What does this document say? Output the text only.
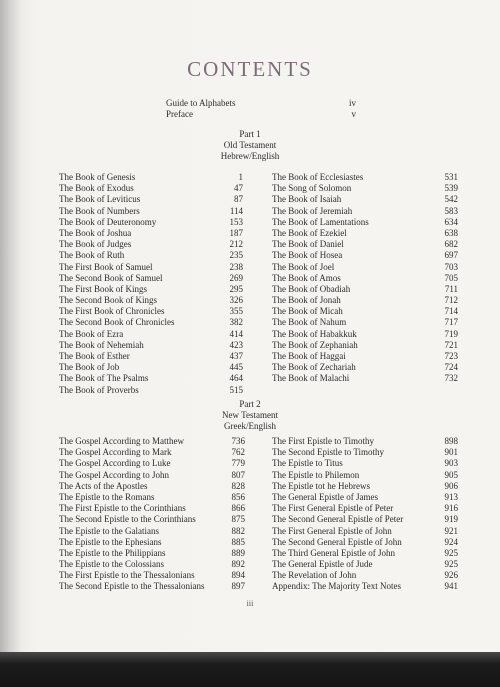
CONTENTS
Guide to Alphabets	iv
Preface	v
Part 1
Old Testament
Hebrew/English
The Book of Genesis	1
The Book of Exodus	47
The Book of Leviticus	87
The Book of Numbers	114
The Book of Deuteronomy	153
The Book of Joshua	187
The Book of Judges	212
The Book of Ruth	235
The First Book of Samuel	238
The Second Book of Samuel	269
The First Book of Kings	295
The Second Book of Kings	326
The First Book of Chronicles	355
The Second Book of Chronicles	382
The Book of Ezra	414
The Book of Nehemiah	423
The Book of Esther	437
The Book of Job	445
The Book of The Psalms	464
The Book of Proverbs	515
The Book of Ecclesiastes	531
The Song of Solomon	539
The Book of Isaiah	542
The Book of Jeremiah	583
The Book of Lamentations	634
The Book of Ezekiel	638
The Book of Daniel	682
The Book of Hosea	697
The Book of Joel	703
The Book of Amos	705
The Book of Obadiah	711
The Book of Jonah	712
The Book of Micah	714
The Book of Nahum	717
The Book of Habakkuk	719
The Book of Zephaniah	721
The Book of Haggai	723
The Book of Zechariah	724
The Book of Malachi	732
Part 2
New Testament
Greek/English
The Gospel According to Matthew	736
The Gospel According to Mark	762
The Gospel According to Luke	779
The Gospel According to John	807
The Acts of the Apostles	828
The Epistle to the Romans	856
The First Epistle to the Corinthians	866
The Second Epistle to the Corinthians	875
The Epistle to the Galatians	882
The Epistle to the Ephesians	885
The Epistle to the Philippians	889
The Epistle to the Colossians	892
The First Epistle to the Thessalonians	894
The Second Epistle to the Thessalonians	897
The First Epistle to Timothy	898
The Second Epistle to Timothy	901
The Epistle to Titus	903
The Epistle to Philemon	905
The Epistle tot he Hebrews	906
The General Epistle of James	913
The First General Epistle of Peter	916
The Second General Epistle of Peter	919
The First General Epistle of John	921
The Second General Epistle of John	924
The Third General Epistle of John	925
The General Epistle of Jude	925
The Revelation of John	926
Appendix: The Majority Text Notes	941
iii
